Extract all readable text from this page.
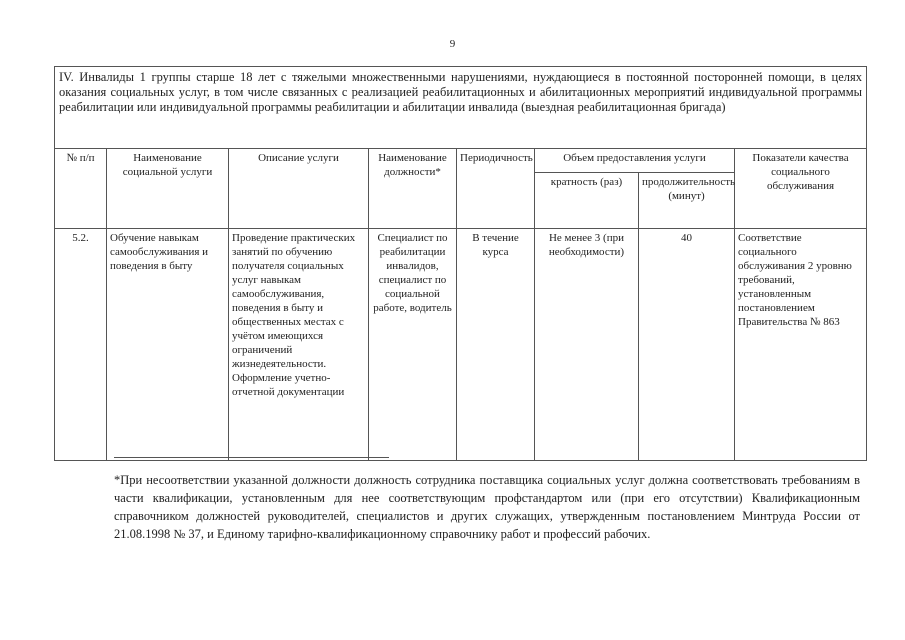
9
IV. Инвалиды 1 группы старше 18 лет с тяжелыми множественными нарушениями, нуждающиеся в постоянной посторонней помощи, в целях оказания социальных услуг, в том числе связанных с реализацией реабилитационных и абилитационных мероприятий индивидуальной программы реабилитации или индивидуальной программы реабилитации и абилитации инвалида (выездная реабилитационная бригада)							
№ п/п	Наименование социальной услуги	Описание услуги	Наименование должности*	Периодичность	Объем предоставления услуги		Показатели качества социального обслуживания
					кратность (раз)	продолжительность (минут)	
5.2.	Обучение навыкам самообслуживания и поведения в быту	Проведение практических занятий по обучению получателя социальных услуг навыкам самообслуживания, поведения в быту и общественных местах с учётом имеющихся ограничений жизнедеятельности. Оформление учетно-отчетной документации	Специалист по реабилитации инвалидов, специалист по социальной работе, водитель	В течение курса	Не менее 3 (при необходимости)	40	Соответствие социального обслуживания 2 уровню требований, установленным постановлением Правительства № 863

*При несоответствии указанной должности должность сотрудника поставщика социальных услуг должна соответствовать требованиям в части квалификации, установленным для нее соответствующим профстандартом или (при его отсутствии) Квалификационным справочником должностей руководителей, специалистов и других служащих, утвержденным постановлением Минтруда России от 21.08.1998 № 37, и Единому тарифно-квалификационному справочнику работ и профессий рабочих.
